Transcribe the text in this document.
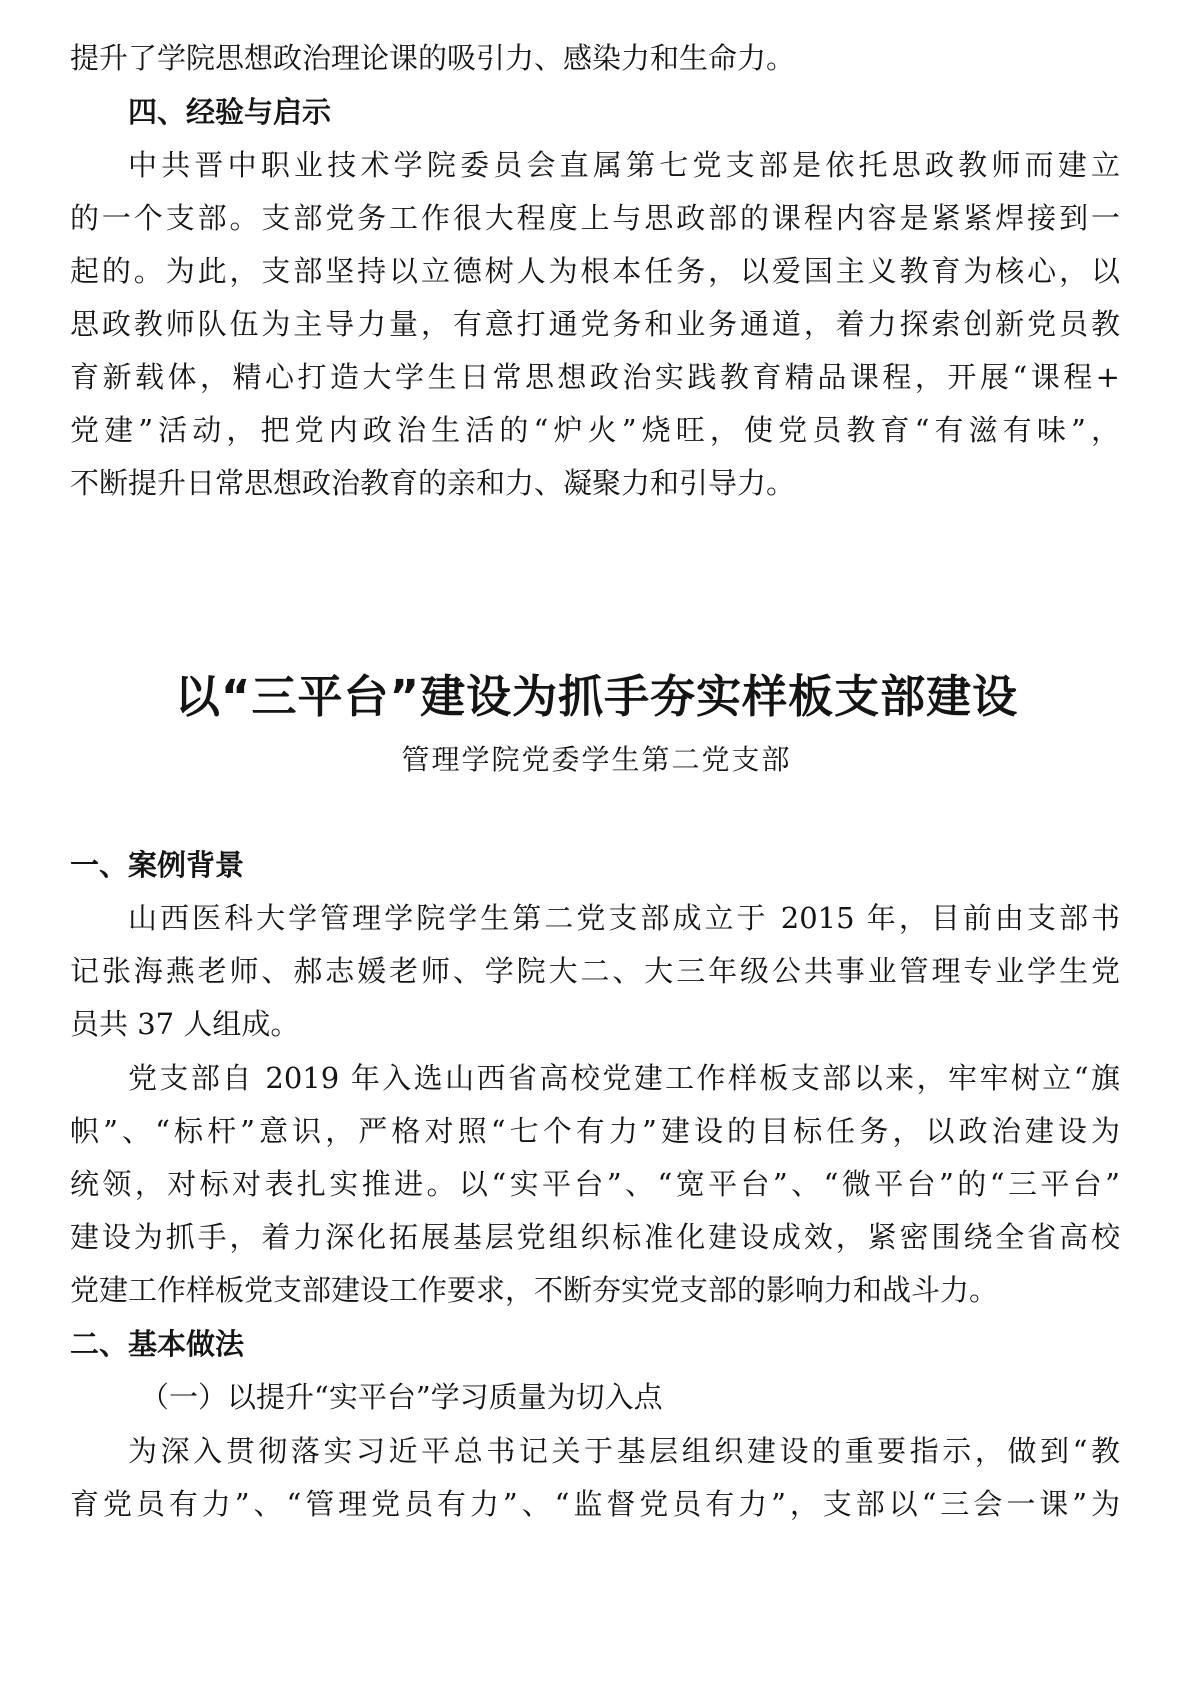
提升了学院思想政治理论课的吸引力、感染力和生命力。
四、经验与启示
中共晋中职业技术学院委员会直属第七党支部是依托思政教师而建立
的一个支部。支部党务工作很大程度上与思政部的课程内容是紧紧焊接到一
起的。为此，支部坚持以立德树人为根本任务，以爱国主义教育为核心，以
思政教师队伍为主导力量，有意打通党务和业务通道，着力探索创新党员教
育新载体，精心打造大学生日常思想政治实践教育精品课程，开展“课程+
党建”活动，把党内政治生活的“炉火”烧旺，使党员教育“有滋有味”，
不断提升日常思想政治教育的亲和力、凝聚力和引导力。
以“三平台”建设为抓手夯实样板支部建设
管理学院党委学生第二党支部
一、案例背景
山西医科大学管理学院学生第二党支部成立于 2015 年，目前由支部书
记张海燕老师、郝志媛老师、学院大二、大三年级公共事业管理专业学生党
员共 37 人组成。
党支部自 2019 年入选山西省高校党建工作样板支部以来，牢牢树立“旗
帜”、“标杆”意识，严格对照“七个有力”建设的目标任务，以政治建设为
统领，对标对表扎实推进。以“实平台”、“宽平台”、“微平台”的“三平台”
建设为抓手，着力深化拓展基层党组织标准化建设成效，紧密围绕全省高校
党建工作样板党支部建设工作要求，不断夯实党支部的影响力和战斗力。
二、基本做法
（一）以提升“实平台”学习质量为切入点
为深入贯彻落实习近平总书记关于基层组织建设的重要指示，做到“教
育党员有力”、“管理党员有力”、“监督党员有力”，支部以“三会一课”为
